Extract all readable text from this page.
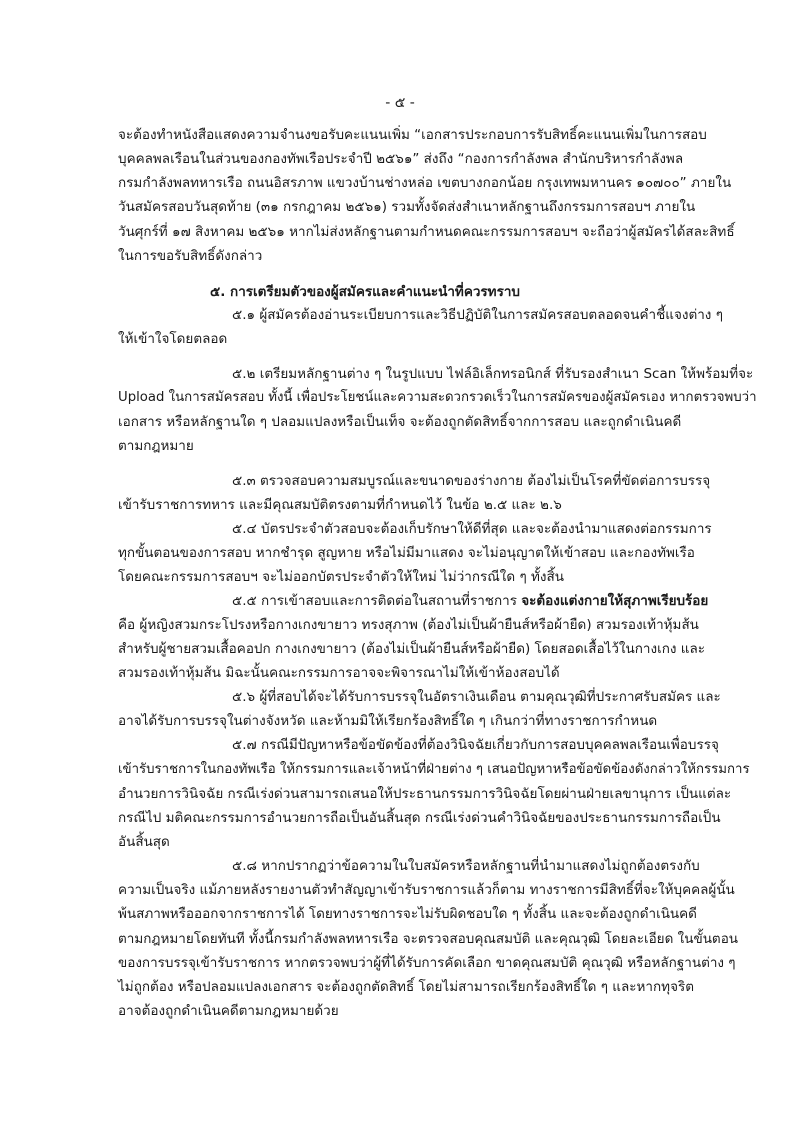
- ๕ -
จะต้องทำหนังสือแสดงความจำนงขอรับคะแนนเพิ่ม “เอกสารประกอบการรับสิทธิ์คะแนนเพิ่มในการสอบ
บุคคลพลเรือนในส่วนของกองทัพเรือประจำปี ๒๕๖๑” ส่งถึง “กองการกำลังพล สำนักบริหารกำลังพล
กรมกำลังพลทหารเรือ ถนนอิสรภาพ แขวงบ้านช่างหล่อ เขตบางกอกน้อย กรุงเทพมหานคร ๑๐๗๐๐” ภายใน
วันสมัครสอบวันสุดท้าย (๓๑ กรกฎาคม ๒๕๖๑) รวมทั้งจัดส่งสำเนาหลักฐานถึงกรรมการสอบฯ ภายใน
วันศุกร์ที่ ๑๗ สิงหาคม ๒๕๖๑ หากไม่ส่งหลักฐานตามกำหนดคณะกรรมการสอบฯ จะถือว่าผู้สมัครได้สละสิทธิ์
ในการขอรับสิทธิ์ดังกล่าว
๕. การเตรียมตัวของผู้สมัครและคำแนะนำที่ควรทราบ
๕.๑ ผู้สมัครต้องอ่านระเบียบการและวิธีปฏิบัติในการสมัครสอบตลอดจนคำชี้แจงต่าง ๆ
ให้เข้าใจโดยตลอด
๕.๒ เตรียมหลักฐานต่าง ๆ ในรูปแบบ ไฟล์อิเล็กทรอนิกส์ ที่รับรองสำเนา Scan ให้พร้อมที่จะ
Upload ในการสมัครสอบ ทั้งนี้ เพื่อประโยชน์และความสะดวกรวดเร็วในการสมัครของผู้สมัครเอง หากตรวจพบว่า
เอกสาร หรือหลักฐานใด ๆ ปลอมแปลงหรือเป็นเท็จ จะต้องถูกตัดสิทธิ์จากการสอบ และถูกดำเนินคดี
ตามกฎหมาย
๕.๓ ตรวจสอบความสมบูรณ์และขนาดของร่างกาย ต้องไม่เป็นโรคที่ขัดต่อการบรรจุ
เข้ารับราชการทหาร และมีคุณสมบัติตรงตามที่กำหนดไว้ ในข้อ ๒.๕ และ ๒.๖
๕.๔ บัตรประจำตัวสอบจะต้องเก็บรักษาให้ดีที่สุด และจะต้องนำมาแสดงต่อกรรมการ
ทุกขั้นตอนของการสอบ หากชำรุด สูญหาย หรือไม่มีมาแสดง จะไม่อนุญาตให้เข้าสอบ และกองทัพเรือ
โดยคณะกรรมการสอบฯ จะไม่ออกบัตรประจำตัวให้ใหม่ ไม่ว่ากรณีใด ๆ ทั้งสิ้น
๕.๕ การเข้าสอบและการติดต่อในสถานที่ราชการ จะต้องแต่งกายให้สุภาพเรียบร้อย
คือ ผู้หญิงสวมกระโปรงหรือกางเกงขายาว ทรงสุภาพ (ต้องไม่เป็นผ้ายืนส์หรือผ้ายืด) สวมรองเท้าหุ้มส้น
สำหรับผู้ชายสวมเสื้อคอปก กางเกงขายาว (ต้องไม่เป็นผ้ายืนส์หรือผ้ายืด) โดยสอดเสื้อไว้ในกางเกง และ
สวมรองเท้าหุ้มส้น มิฉะนั้นคณะกรรมการอาจจะพิจารณาไม่ให้เข้าห้องสอบได้
๕.๖ ผู้ที่สอบได้จะได้รับการบรรจุในอัตราเงินเดือน ตามคุณวุฒิที่ประกาศรับสมัคร และ
อาจได้รับการบรรจุในต่างจังหวัด และห้ามมิให้เรียกร้องสิทธิ์ใด ๆ เกินกว่าที่ทางราชการกำหนด
๕.๗ กรณีมีปัญหาหรือข้อขัดข้องที่ต้องวินิจฉัยเกี่ยวกับการสอบบุคคลพลเรือนเพื่อบรรจุ
เข้ารับราชการในกองทัพเรือ ให้กรรมการและเจ้าหน้าที่ฝ่ายต่าง ๆ เสนอปัญหาหรือข้อขัดข้องดังกล่าวให้กรรมการ
อำนวยการวินิจฉัย กรณีเร่งด่วนสามารถเสนอให้ประธานกรรมการวินิจฉัยโดยผ่านฝ่ายเลขานุการ เป็นแต่ละ
กรณีไป มติคณะกรรมการอำนวยการถือเป็นอันสิ้นสุด กรณีเร่งด่วนคำวินิจฉัยของประธานกรรมการถือเป็น
อันสิ้นสุด
๕.๘ หากปรากฏว่าข้อความในใบสมัครหรือหลักฐานที่นำมาแสดงไม่ถูกต้องตรงกับ
ความเป็นจริง แม้ภายหลังรายงานตัวทำสัญญาเข้ารับราชการแล้วก็ตาม ทางราชการมีสิทธิ์ที่จะให้บุคคลผู้นั้น
พ้นสภาพหรือออกจากราชการได้ โดยทางราชการจะไม่รับผิดชอบใด ๆ ทั้งสิ้น และจะต้องถูกดำเนินคดี
ตามกฎหมายโดยทันที ทั้งนี้กรมกำลังพลทหารเรือ จะตรวจสอบคุณสมบัติ และคุณวุฒิ โดยละเอียด ในขั้นตอน
ของการบรรจุเข้ารับราชการ หากตรวจพบว่าผู้ที่ได้รับการคัดเลือก ขาดคุณสมบัติ คุณวุฒิ หรือหลักฐานต่าง ๆ
ไม่ถูกต้อง หรือปลอมแปลงเอกสาร จะต้องถูกตัดสิทธิ์ โดยไม่สามารถเรียกร้องสิทธิ์ใด ๆ และหากทุจริต
อาจต้องถูกดำเนินคดีตามกฎหมายด้วย
